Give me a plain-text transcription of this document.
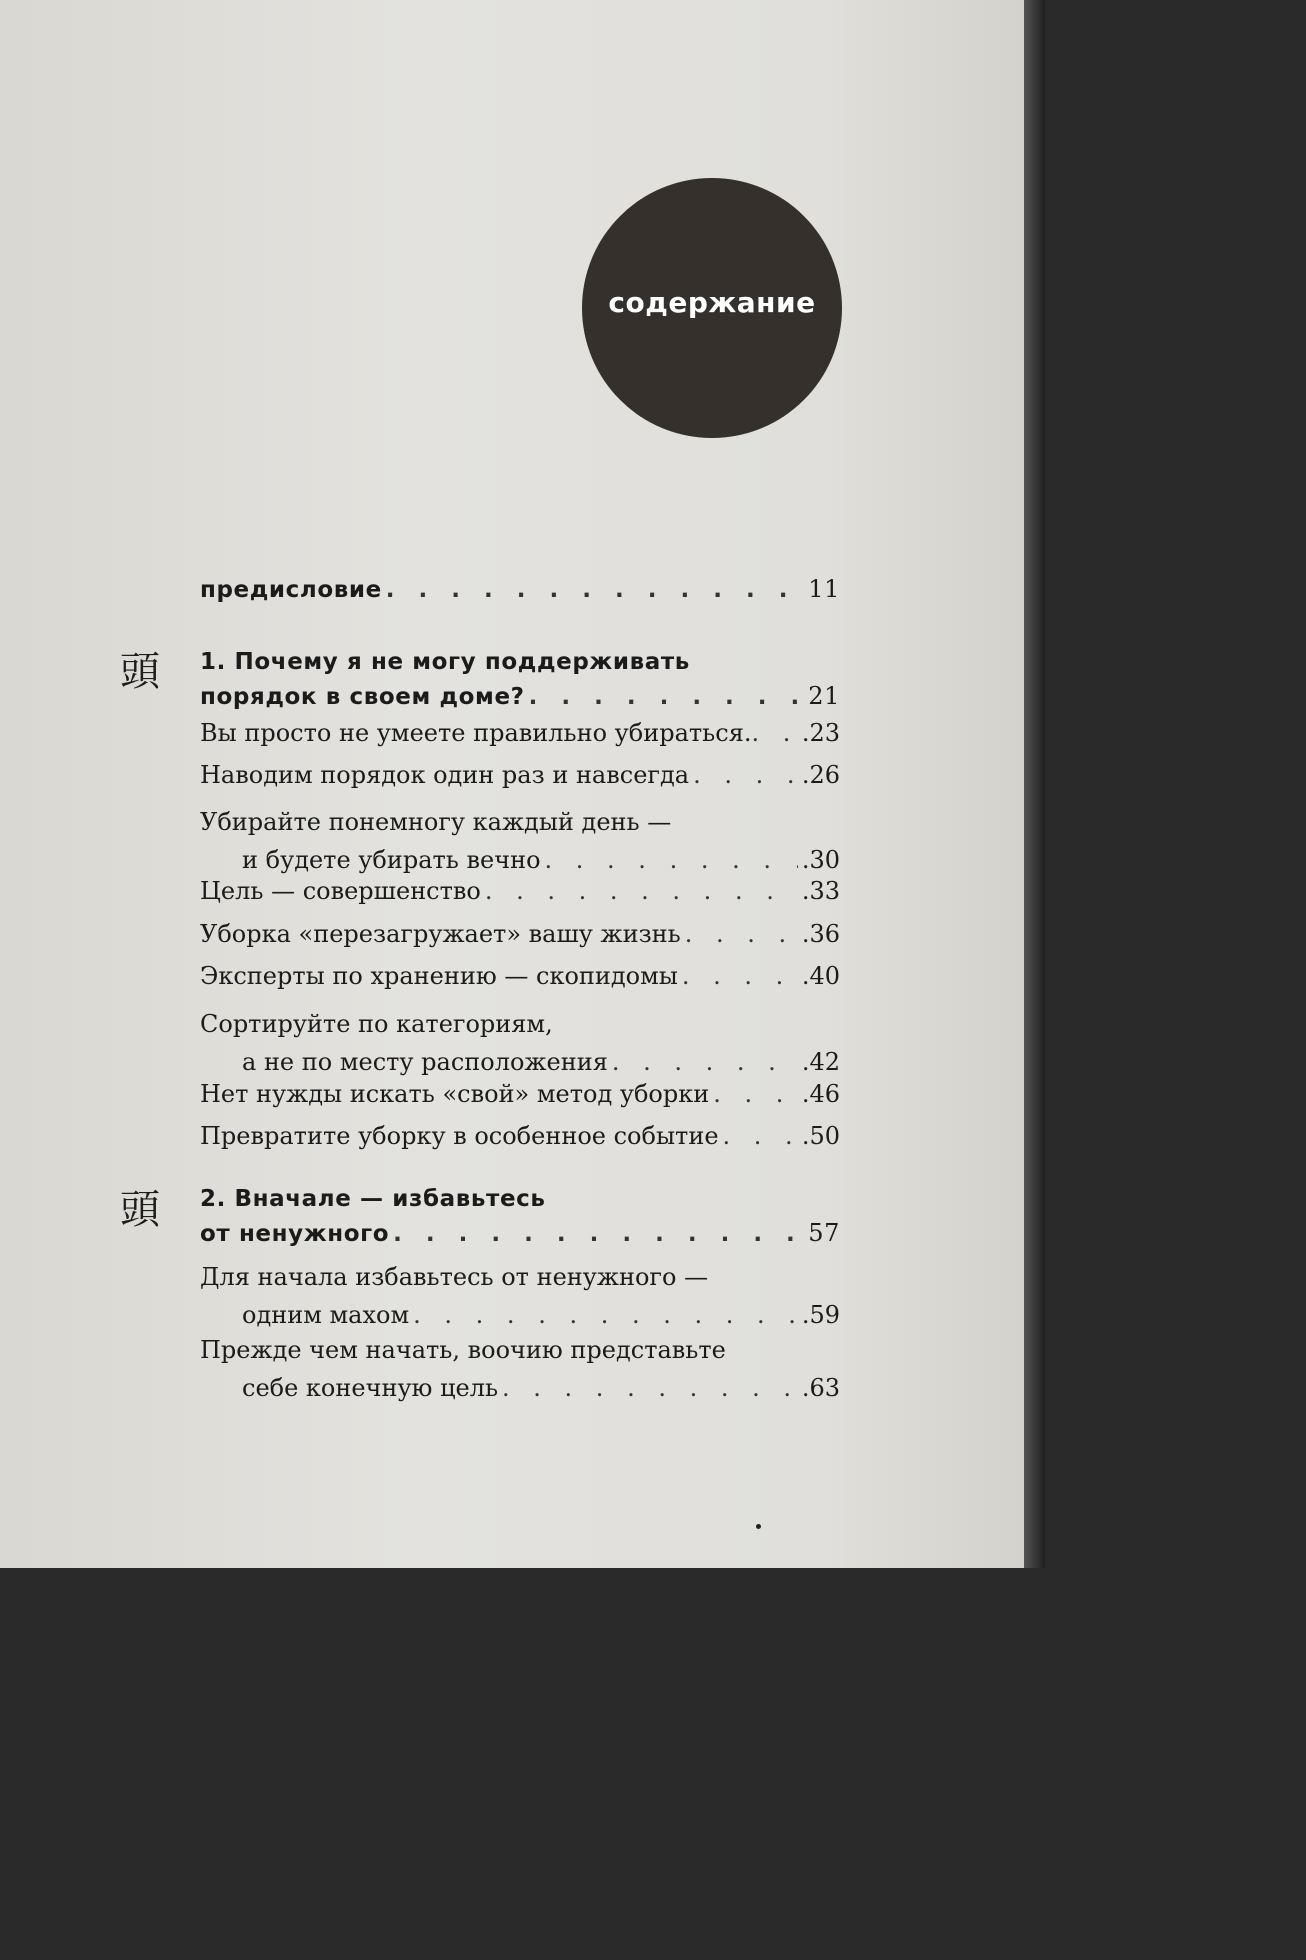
содержание
предисловие . . .	11
頭 1. Почему я не могу поддерживать
порядок в своем доме? . . .	21
Вы просто не умеете правильно убираться. . . . .23
Наводим порядок один раз и навсегда . . .	.26
Убирайте понемногу каждый день —
и будете убирать вечно . . .	.30
Цель — совершенство . . .	.33
Уборка «перезагружает» вашу жизнь . . .	.36
Эксперты по хранению — скопидомы . . .	.40
Сортируйте по категориям,
а не по месту расположения . . .	.42
Нет нужды искать «свой» метод уборки . . .	.46
Превратите уборку в особенное событие . . .	.50
頭 2. Вначале — избавьтесь
от ненужного . . .	57
Для начала избавьтесь от ненужного —
одним махом . . .	.59
Прежде чем начать, воочию представьте
себе конечную цель . . .	.63
